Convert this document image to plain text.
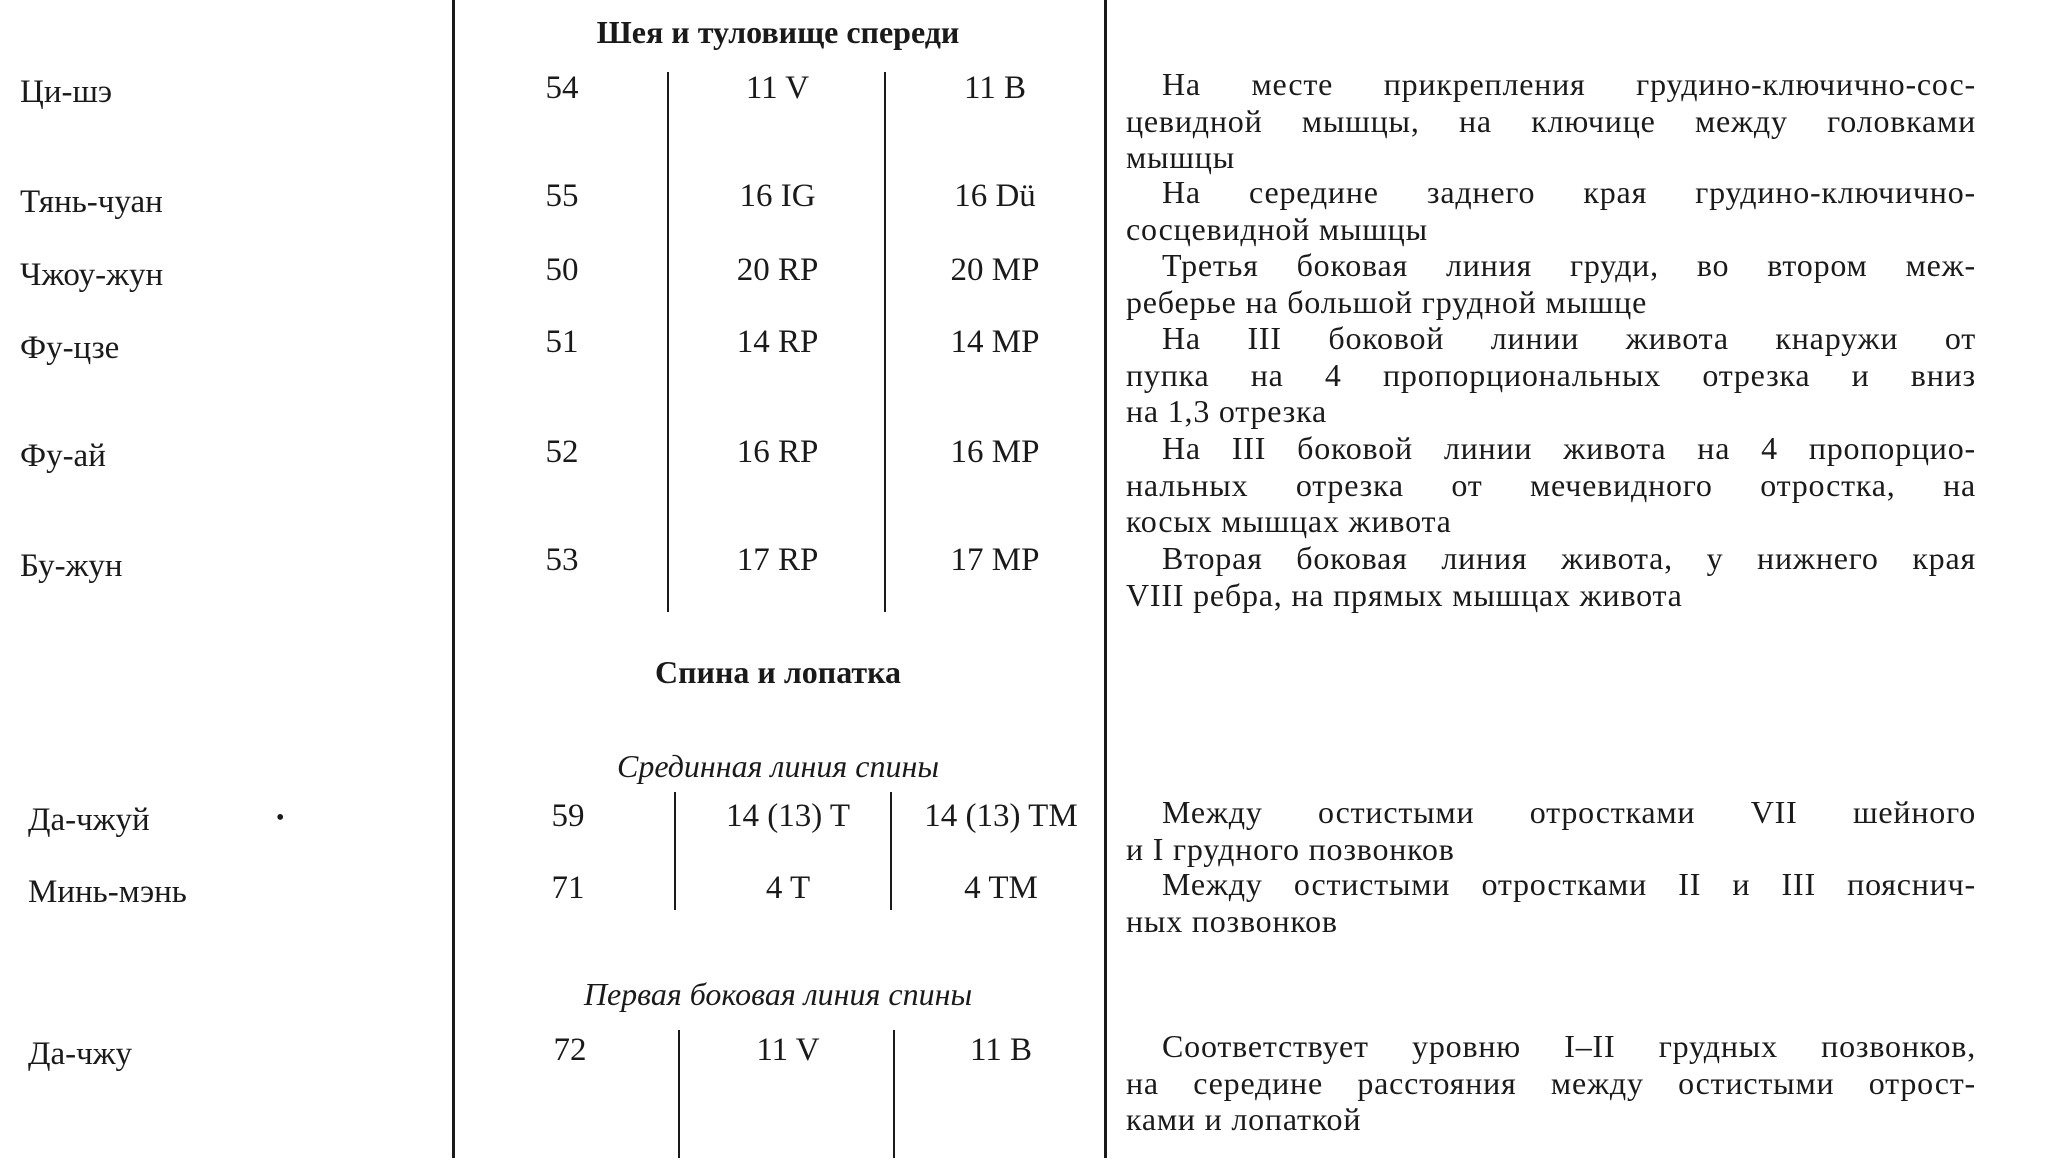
Шея и туловище спереди
Ци-шэ	54	11 V	11 B	На месте прикрепления грудино-ключично-сос-
цевидной мышцы, на ключице между головками
мышцы
Тянь-чуан	55	16 IG	16 Dü	На середине заднего края грудино-ключично-
сосцевидной мышцы
Чжоу-жун	50	20 RP	20 MP	Третья боковая линия груди, во втором меж-
реберье на большой грудной мышце
Фу-цзе	51	14 RP	14 MP	На III боковой линии живота кнаружи от
пупка на 4 пропорциональных отрезка и вниз
на 1,3 отрезка
Фу-ай	52	16 RP	16 MP	На III боковой линии живота на 4 пропорцио-
нальных отрезка от мечевидного отростка, на
косых мышцах живота
Бу-жун	53	17 RP	17 MP	Вторая боковая линия живота, у нижнего края
VIII ребра, на прямых мышцах живота
Спина и лопатка
Срединная линия спины
Да-чжуй	•	59	14 (13) T	14 (13) TM	Между остистыми отростками VII шейного
и I грудного позвонков
Минь-мэнь	71	4 T	4 TM	Между остистыми отростками II и III пояснич-
ных позвонков
Первая боковая линия спины
Да-чжу	72	11 V	11 B	Соответствует уровню I–II грудных позвонков,
на середине расстояния между остистыми отрост-
ками и лопаткой
